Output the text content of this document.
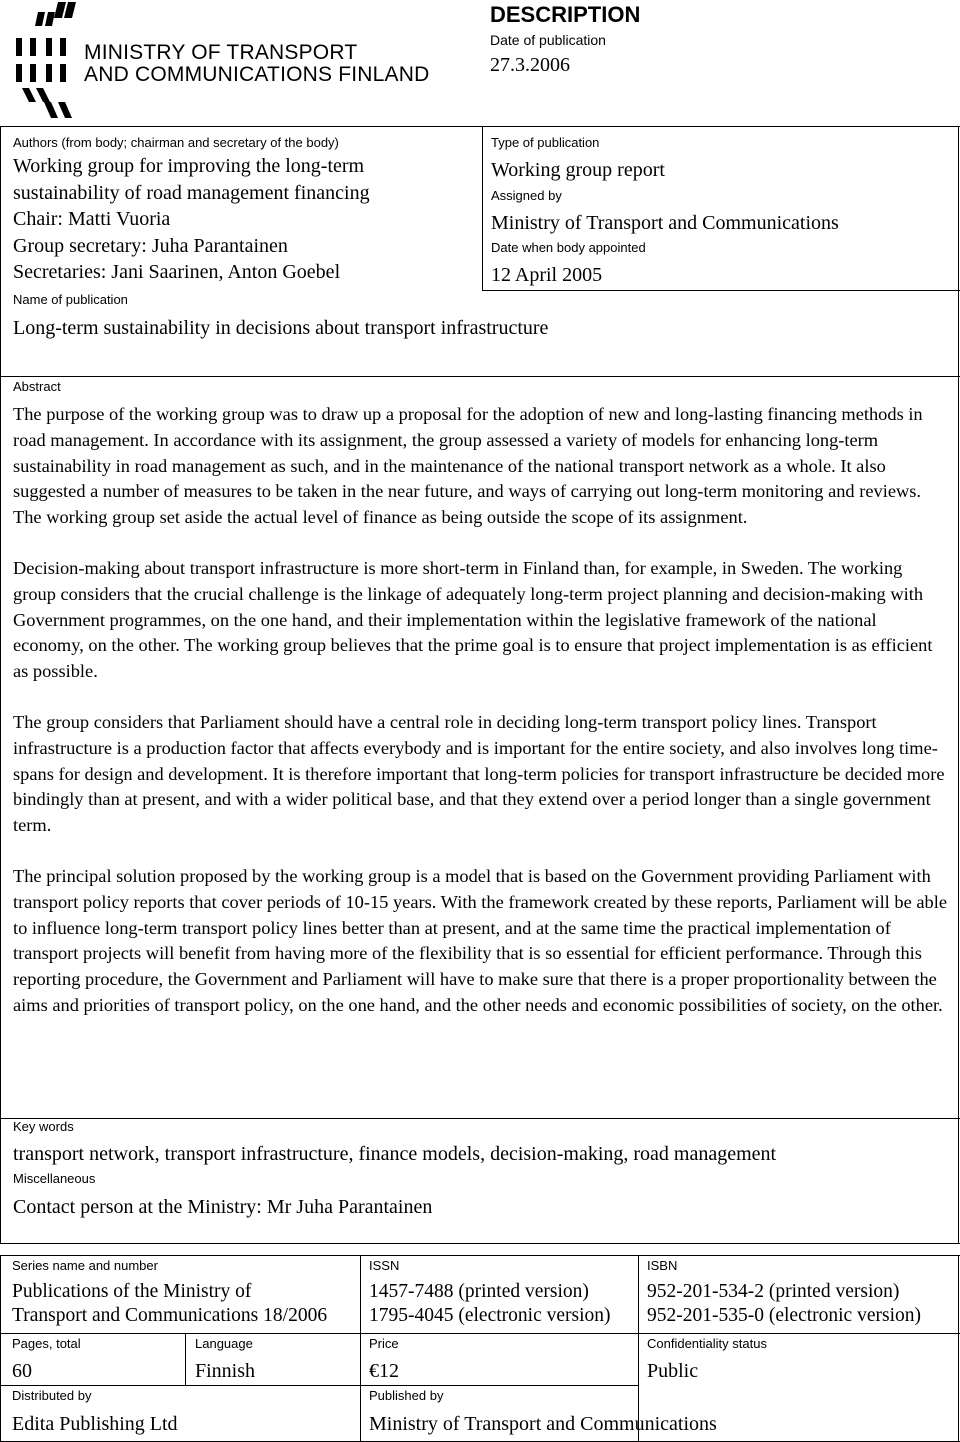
MINISTRY OF TRANSPORT
AND COMMUNICATIONS FINLAND
DESCRIPTION
Date of publication
27.3.2006
Authors (from body; chairman and secretary of the body)
Working group for improving the long-term
sustainability of road management financing
Chair: Matti Vuoria
Group secretary: Juha Parantainen
Secretaries: Jani Saarinen, Anton Goebel
Type of publication
Working group report
Assigned by
Ministry of Transport and Communications
Date when body appointed
12 April 2005
Name of publication
Long-term sustainability in decisions about transport infrastructure
Abstract

The purpose of the working group was to draw up a proposal for the adoption of new and long-lasting financing methods in road management. In accordance with its assignment, the group assessed a variety of models for enhancing long-term sustainability in road management as such, and in the maintenance of the national transport network as a whole. It also suggested a number of measures to be taken in the near future, and ways of carrying out long-term monitoring and reviews. The working group set aside the actual level of finance as being outside the scope of its assignment.

Decision-making about transport infrastructure is more short-term in Finland than, for example, in Sweden. The working group considers that the crucial challenge is the linkage of adequately long-term project planning and decision-making with Government programmes, on the one hand, and their implementation within the legislative framework of the national economy, on the other. The working group believes that the prime goal is to ensure that project implementation is as efficient as possible.

The group considers that Parliament should have a central role in deciding long-term transport policy lines. Transport infrastructure is a production factor that affects everybody and is important for the entire society, and also involves long time-spans for design and development. It is therefore important that long-term policies for transport infrastructure be decided more bindingly than at present, and with a wider political base, and that they extend over a period longer than a single government term.

The principal solution proposed by the working group is a model that is based on the Government providing Parliament with transport policy reports that cover periods of 10-15 years. With the framework created by these reports, Parliament will be able to influence long-term transport policy lines better than at present, and at the same time the practical implementation of transport projects will benefit from having more of the flexibility that is so essential for efficient performance. Through this reporting procedure, the Government and Parliament will have to make sure that there is a proper proportionality between the aims and priorities of transport policy, on the one hand, and the other needs and economic possibilities of society, on the other.

Key words
transport network, transport infrastructure, finance models, decision-making, road management
Miscellaneous
Contact person at the Ministry: Mr Juha Parantainen
Series name and number
Publications of the Ministry of
Transport and Communications 18/2006
ISSN
1457-7488 (printed version)
1795-4045 (electronic version)
ISBN
952-201-534-2 (printed version)
952-201-535-0 (electronic version)
Pages, total
60
Language
Finnish
Price
€12
Confidentiality status
Public
Distributed by
Edita Publishing Ltd
Published by
Ministry of Transport and Communications
